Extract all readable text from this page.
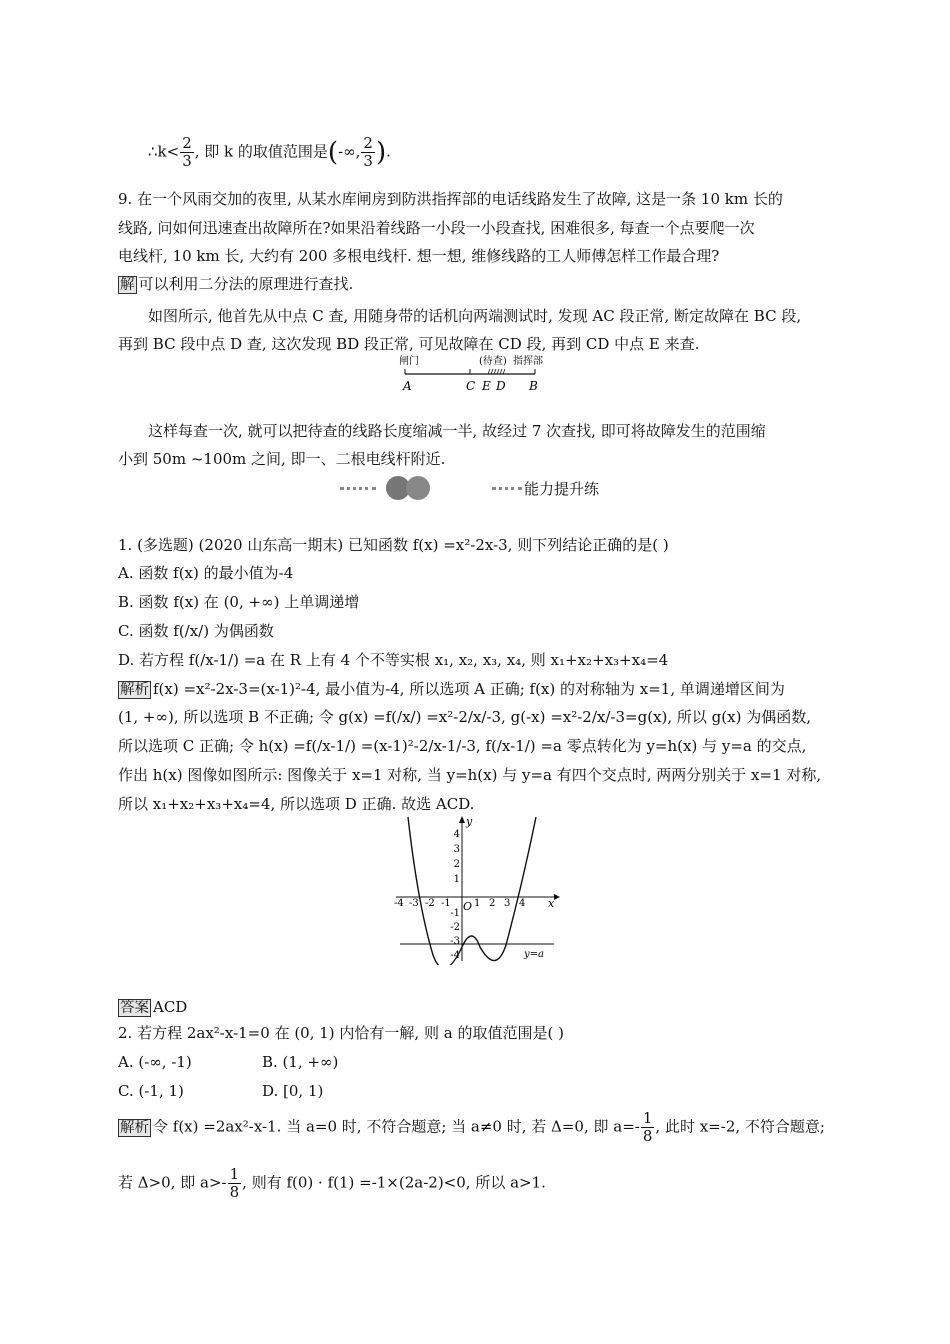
∴k< $\frac{2}{3}$ , 即 k 的取值范围是(-∞, $\frac{2}{3}$ ).
9. 在一个风雨交加的夜里, 从某水库闸房到防洪指挥部的电话线路发生了故障, 这是一条 10 km 长的
线路, 问如何迅速查出故障所在?如果沿着线路一小段一小段查找, 困难很多, 每查一个点要爬一次
电线杆, 10 km 长, 大约有 200 多根电线杆. 想一想, 维修线路的工人师傅怎样工作最合理?
解 可以利用二分法的原理进行查找.
如图所示, 他首先从中点 C 查, 用随身带的话机向两端测试时, 发现 AC 段正常, 断定故障在 BC 段,
再到 BC 段中点 D 查, 这次发现 BD 段正常, 可见故障在 CD 段, 再到 CD 中点 E 来查.
闸门	(待查) 指挥部
A	C E D B
这样每查一次, 就可以把待查的线路长度缩减一半, 故经过 7 次查找, 即可将故障发生的范围缩
小到 50m ~100m 之间, 即一、二根电线杆附近.
能力提升练
1. (多选题) (2020 山东高一期末) 已知函数 f(x) =x²-2x-3, 则下列结论正确的是( )
A. 函数 f(x) 的最小值为-4
B. 函数 f(x) 在 (0, +∞) 上单调递增
C. 函数 f(/x/) 为偶函数
D. 若方程 f(/x-1/) =a 在 R 上有 4 个不等实根 x₁, x₂, x₃, x₄, 则 x₁+x₂+x₃+x₄=4
解析 f(x) =x²-2x-3=(x-1)²-4, 最小值为-4, 所以选项 A 正确; f(x) 的对称轴为 x=1, 单调递增区间为
(1, +∞), 所以选项 B 不正确; 令 g(x) =f(/x/) =x²-2/x/-3, g(-x) =x²-2/x/-3=g(x), 所以 g(x) 为偶函数,
所以选项 C 正确; 令 h(x) =f(/x-1/) =(x-1)²-2/x-1/-3, f(/x-1/) =a 零点转化为 y=h(x) 与 y=a 的交点,
作出 h(x) 图像如图所示: 图像关于 x=1 对称, 当 y=h(x) 与 y=a 有四个交点时, 两两分别关于 x=1 对称,
所以 x₁+x₂+x₃+x₄=4, 所以选项 D 正确. 故选 ACD.
x
y
O
-4 -3 -2 -1 1 2 3 4
4
3
2
1
-1
-2
-3
-4	y=a
答案 ACD
2. 若方程 2ax²-x-1=0 在 (0, 1) 内恰有一解, 则 a 的取值范围是( )
A. (-∞, -1)	B. (1, +∞)
C. (-1, 1)	D. [0, 1)
解析 令 f(x) =2ax²-x-1. 当 a=0 时, 不符合题意; 当 a≠0 时, 若 Δ=0, 即 $a=- \frac{1}{8}$ , 此时 x=-2, 不符合题意;
若 Δ>0, 即 $a>- \frac{1}{8}$ , 则有 f(0) · f(1) =-1×(2a-2)<0, 所以 a>1.
